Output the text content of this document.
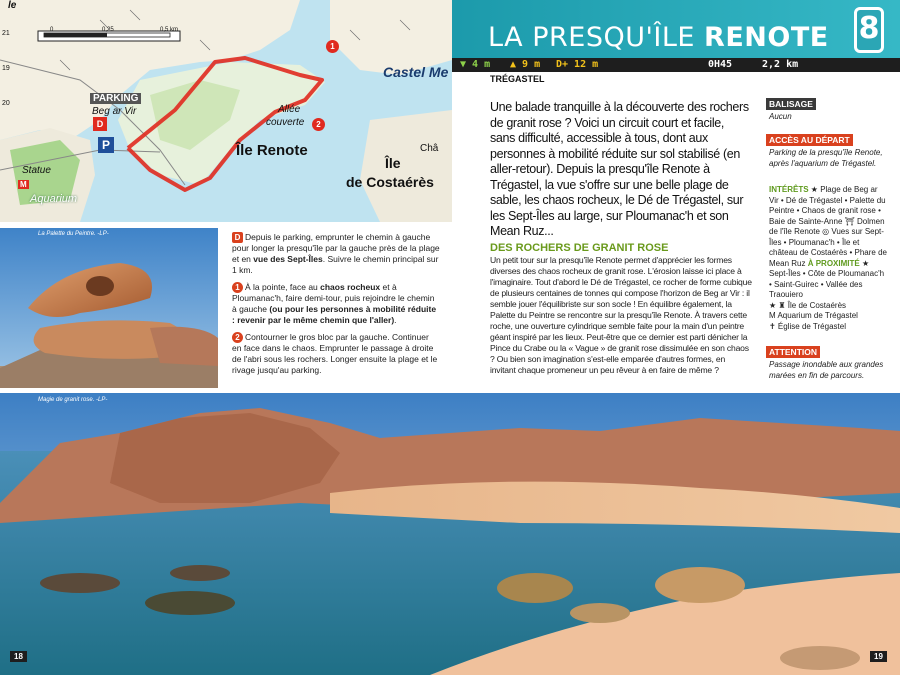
0	0,25	0,5 km
le
21
19
20	PARKING
Beg ar Vir
D
P
1
2
Allée
couverte
Île Renote
Castel Me
Île
de Costaérès
Châ
Statue
M
Aquarium
LA PRESQU'ÎLE RENOTE 8
▼ 4 m ▲ 9 m D+ 12 m	0H45	2,2 km
TRÉGASTEL
Une balade tranquille à la découverte des rochers de granit rose ? Voici un circuit court et facile, sans difficulté, accessible à tous, dont aux personnes à mobilité réduite sur sol stabilisé (en aller-retour). Depuis la presqu'île Renote à Trégastel, la vue s'offre sur une belle plage de sable, les chaos rocheux, le Dé de Trégastel, sur les Sept-Îles au large, sur Ploumanac'h et son Mean Ruz...
DES ROCHERS DE GRANIT ROSE
Un petit tour sur la presqu'île Renote permet d'apprécier les formes diverses des chaos rocheux de granit rose. L'érosion laisse ici place à l'imaginaire. Tout d'abord le Dé de Trégastel, ce rocher de forme cubique de plusieurs centaines de tonnes qui compose l'horizon de Beg ar Vir : il semble jouer l'équilibriste sur son socle ! En équilibre également, la Palette du Peintre se rencontre sur la presqu'île Renote. À travers cette roche, une ouverture cylindrique semble faite pour la main d'un peintre géant inspiré par les lieux. Peut-être que ce dernier est parti dénicher la Pince du Crabe ou la « Vague » de granit rose dissimulée en son chaos ? Ou bien son imagination s'est-elle emparée d'autres formes, en invitant chaque promeneur un peu rêveur à en faire de même ?
BALISAGE
Aucun
ACCÈS AU DÉPART
Parking de la presqu'île Renote, après l'aquarium de Trégastel.
INTÉRÊTS ★ Plage de Beg ar Vir • Dé de Trégastel • Palette du Peintre • Chaos de granit rose • Baie de Sainte-Anne ⛩ Dolmen de l'île Renote ◎ Vues sur Sept-Îles • Ploumanac'h • Île et château de Costaérès • Phare de Mean Ruz À PROXIMITÉ ★ Sept-Îles • Côte de Ploumanac'h • Saint-Guirec • Vallée des Traouiero
★ ♜ Île de Costaérès
M Aquarium de Trégastel
✝ Église de Trégastel
ATTENTION
Passage inondable aux grandes marées en fin de parcours.
La Palette du Peintre. -LP-	D Depuis le parking, emprunter le chemin à gauche pour longer la presqu'île par la gauche près de la plage et en vue des Sept-Îles. Suivre le chemin principal sur 1 km.

1 À la pointe, face au chaos rocheux et à Ploumanac'h, faire demi-tour, puis rejoindre le chemin à gauche (ou pour les personnes à mobilité réduite : revenir par le même chemin que l'aller).

2 Contourner le gros bloc par la gauche. Continuer en face dans le chaos. Emprunter le passage à droite de l'abri sous les rochers. Longer ensuite la plage et le rivage jusqu'au parking.

Magie de granit rose. -LP-
18	19
